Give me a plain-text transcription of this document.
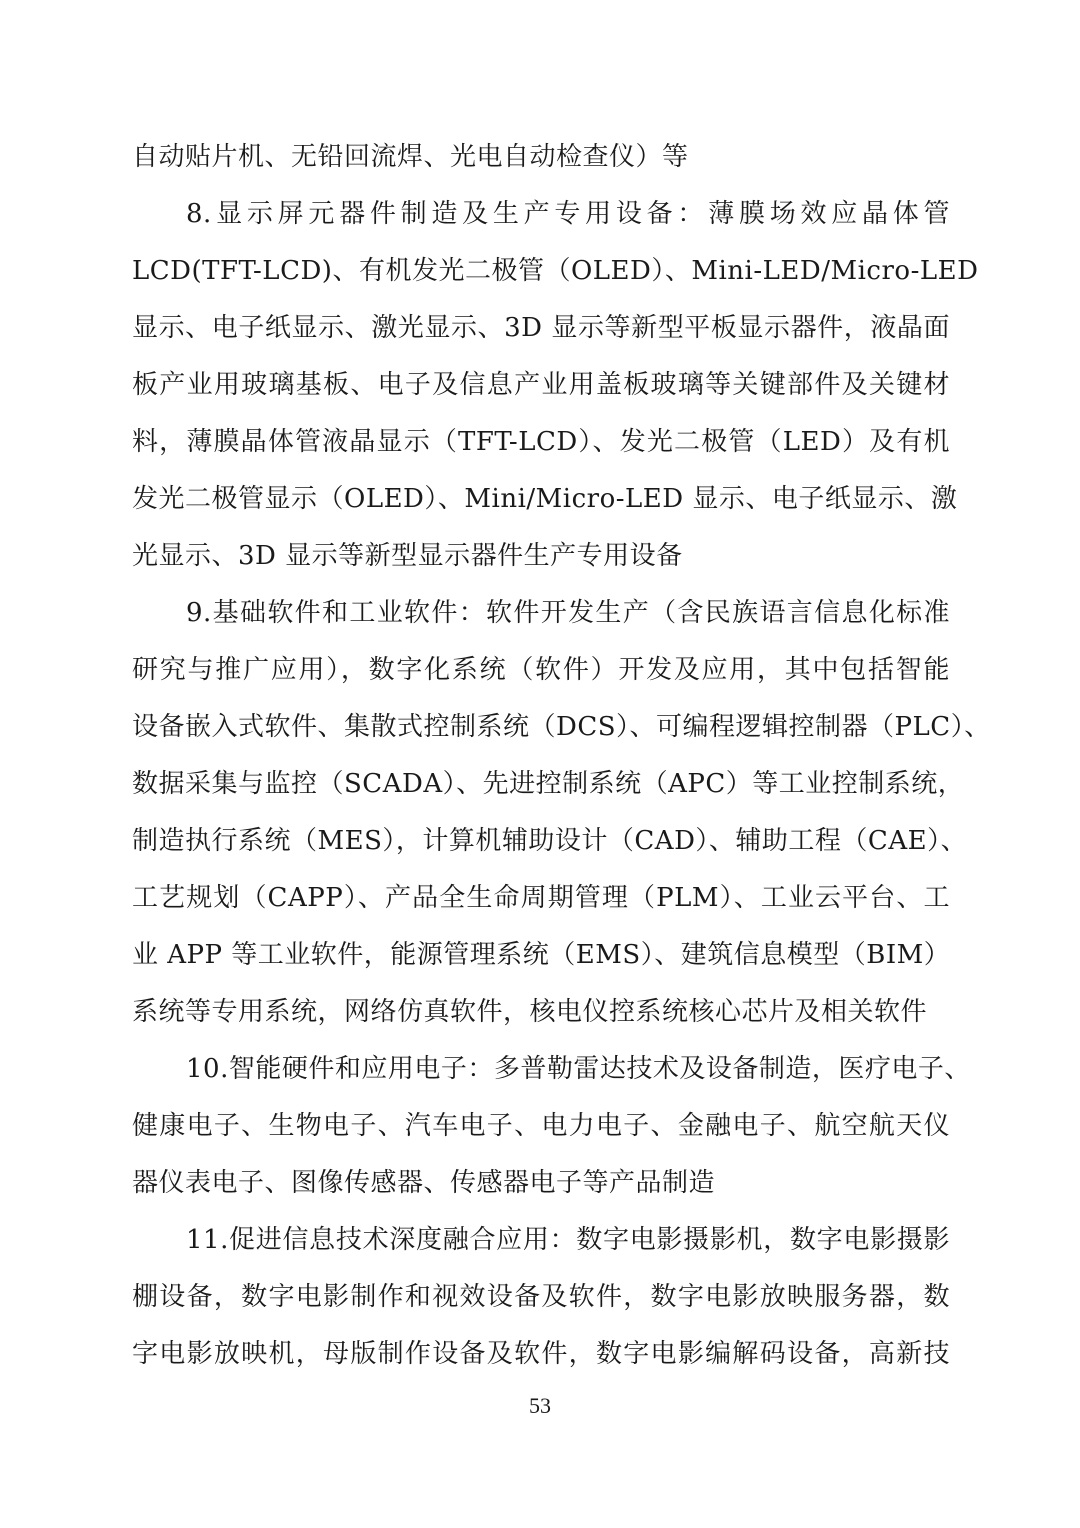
自动贴片机、无铅回流焊、光电自动检查仪）等
8.显示屏元器件制造及生产专用设备：薄膜场效应晶体管
LCD(TFT-LCD)、有机发光二极管（OLED）、Mini-LED/Micro-LED
显示、电子纸显示、激光显示、3D 显示等新型平板显示器件，液晶面
板产业用玻璃基板、电子及信息产业用盖板玻璃等关键部件及关键材
料，薄膜晶体管液晶显示（TFT-LCD）、发光二极管（LED）及有机
发光二极管显示（OLED）、Mini/Micro-LED 显示、电子纸显示、激
光显示、3D 显示等新型显示器件生产专用设备
9.基础软件和工业软件：软件开发生产（含民族语言信息化标准
研究与推广应用），数字化系统（软件）开发及应用，其中包括智能
设备嵌入式软件、集散式控制系统（DCS）、可编程逻辑控制器（PLC）、
数据采集与监控（SCADA）、先进控制系统（APC）等工业控制系统，
制造执行系统（MES），计算机辅助设计（CAD）、辅助工程（CAE）、
工艺规划（CAPP）、产品全生命周期管理（PLM）、工业云平台、工
业 APP 等工业软件，能源管理系统（EMS）、建筑信息模型（BIM）
系统等专用系统，网络仿真软件，核电仪控系统核心芯片及相关软件
10.智能硬件和应用电子：多普勒雷达技术及设备制造，医疗电子、
健康电子、生物电子、汽车电子、电力电子、金融电子、航空航天仪
器仪表电子、图像传感器、传感器电子等产品制造
11.促进信息技术深度融合应用：数字电影摄影机，数字电影摄影
棚设备，数字电影制作和视效设备及软件，数字电影放映服务器，数
字电影放映机，母版制作设备及软件，数字电影编解码设备，高新技
53
